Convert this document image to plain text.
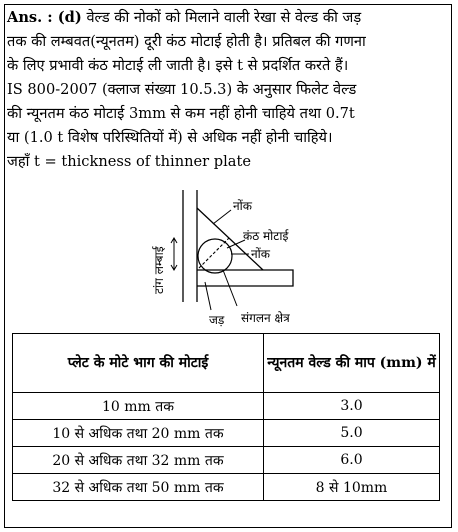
Ans. : (d) वेल्ड की नोकों को मिलाने वाली रेखा से वेल्ड की जड़

तक की लम्बवत(न्यूनतम) दूरी कंठ मोटाई होती है। प्रतिबल की गणना

के लिए प्रभावी कंठ मोटाई ली जाती है। इसे t से प्रदर्शित करते हैं।

IS 800-2007 (क्लाज संख्या 10.5.3) के अनुसार फिलेट वेल्ड

की न्यूनतम कंठ मोटाई 3mm से कम नहीं होनी चाहिये तथा 0.7t

या (1.0 t विशेष परिस्थितियों में) से अधिक नहीं होनी चाहिये।

जहाँ t = thickness of thinner plate

नोंक
कंठ मोटाई
नोंक
टांग लम्बाई
जड़ संगलन क्षेत्र
प्लेट के मोटे भाग की मोटाई	न्यूनतम वेल्ड की माप (mm) में
10 mm तक	3.0
10 से अधिक तथा 20 mm तक	5.0
20 से अधिक तथा 32 mm तक	6.0
32 से अधिक तथा 50 mm तक	8 से 10mm
